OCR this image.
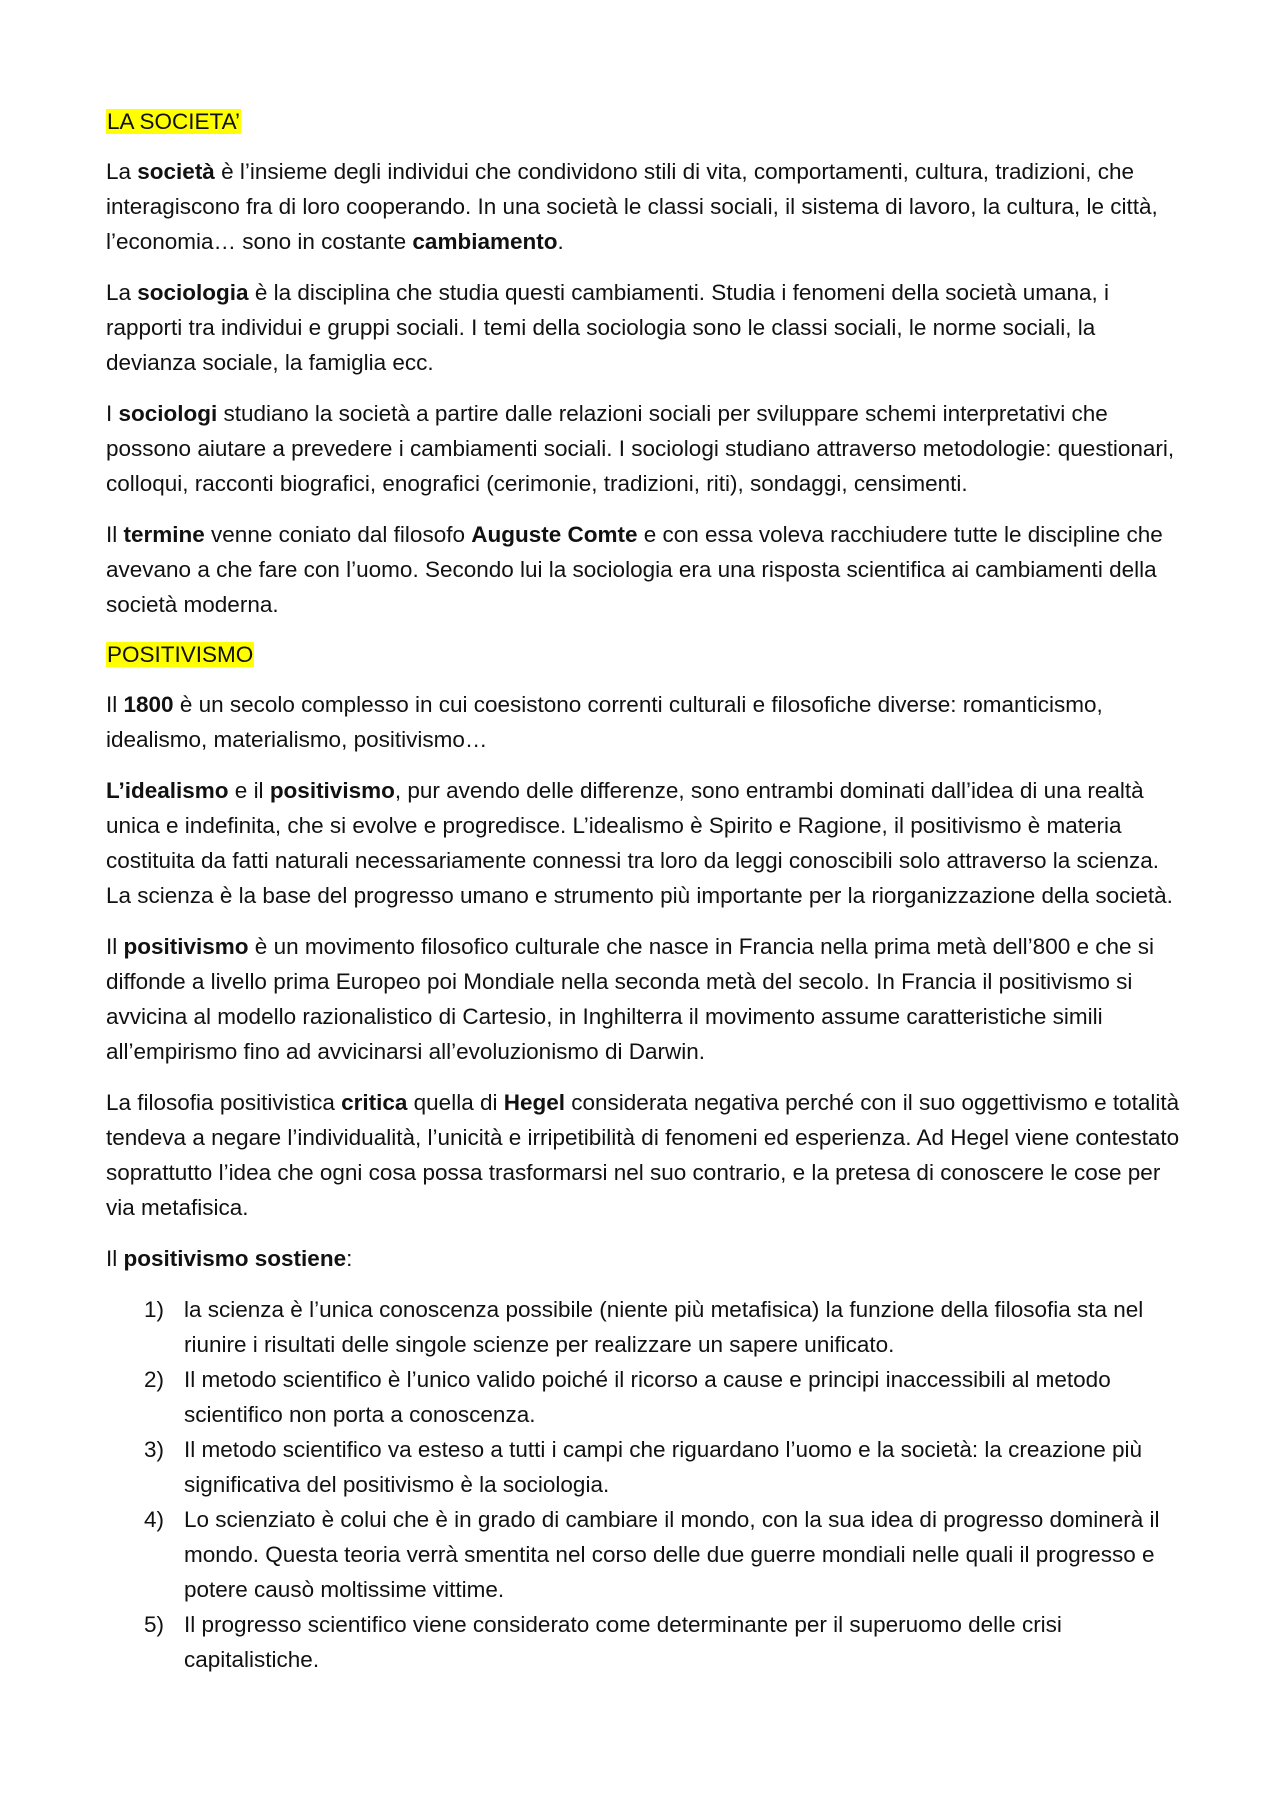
LA SOCIETA’

La società è l’insieme degli individui che condividono stili di vita, comportamenti, cultura, tradizioni, che interagiscono fra di loro cooperando. In una società le classi sociali, il sistema di lavoro, la cultura, le città, l’economia… sono in costante cambiamento.

La sociologia è la disciplina che studia questi cambiamenti. Studia i fenomeni della società umana, i rapporti tra individui e gruppi sociali. I temi della sociologia sono le classi sociali, le norme sociali, la devianza sociale, la famiglia ecc.

I sociologi studiano la società a partire dalle relazioni sociali per sviluppare schemi interpretativi che possono aiutare a prevedere i cambiamenti sociali. I sociologi studiano attraverso metodologie: questionari, colloqui, racconti biografici, enografici (cerimonie, tradizioni, riti), sondaggi, censimenti.

Il termine venne coniato dal filosofo Auguste Comte e con essa voleva racchiudere tutte le discipline che avevano a che fare con l’uomo. Secondo lui la sociologia era una risposta scientifica ai cambiamenti della società moderna.

POSITIVISMO

Il 1800 è un secolo complesso in cui coesistono correnti culturali e filosofiche diverse: romanticismo, idealismo, materialismo, positivismo…

L’idealismo e il positivismo, pur avendo delle differenze, sono entrambi dominati dall’idea di una realtà unica e indefinita, che si evolve e progredisce. L’idealismo è Spirito e Ragione, il positivismo è materia costituita da fatti naturali necessariamente connessi tra loro da leggi conoscibili solo attraverso la scienza. La scienza è la base del progresso umano e strumento più importante per la riorganizzazione della società.

Il positivismo è un movimento filosofico culturale che nasce in Francia nella prima metà dell’800 e che si diffonde a livello prima Europeo poi Mondiale nella seconda metà del secolo. In Francia il positivismo si avvicina al modello razionalistico di Cartesio, in Inghilterra il movimento assume caratteristiche simili all’empirismo fino ad avvicinarsi all’evoluzionismo di Darwin.

La filosofia positivistica critica quella di Hegel considerata negativa perché con il suo oggettivismo e totalità tendeva a negare l’individualità, l’unicità e irripetibilità di fenomeni ed esperienza. Ad Hegel viene contestato soprattutto l’idea che ogni cosa possa trasformarsi nel suo contrario, e la pretesa di conoscere le cose per via metafisica.

Il positivismo sostiene:

1) la scienza è l’unica conoscenza possibile (niente più metafisica) la funzione della filosofia sta nel riunire i risultati delle singole scienze per realizzare un sapere unificato.
2) Il metodo scientifico è l’unico valido poiché il ricorso a cause e principi inaccessibili al metodo scientifico non porta a conoscenza.
3) Il metodo scientifico va esteso a tutti i campi che riguardano l’uomo e la società: la creazione più significativa del positivismo è la sociologia.
4) Lo scienziato è colui che è in grado di cambiare il mondo, con la sua idea di progresso dominerà il mondo. Questa teoria verrà smentita nel corso delle due guerre mondiali nelle quali il progresso e potere causò moltissime vittime.
5) Il progresso scientifico viene considerato come determinante per il superuomo delle crisi capitalistiche.
